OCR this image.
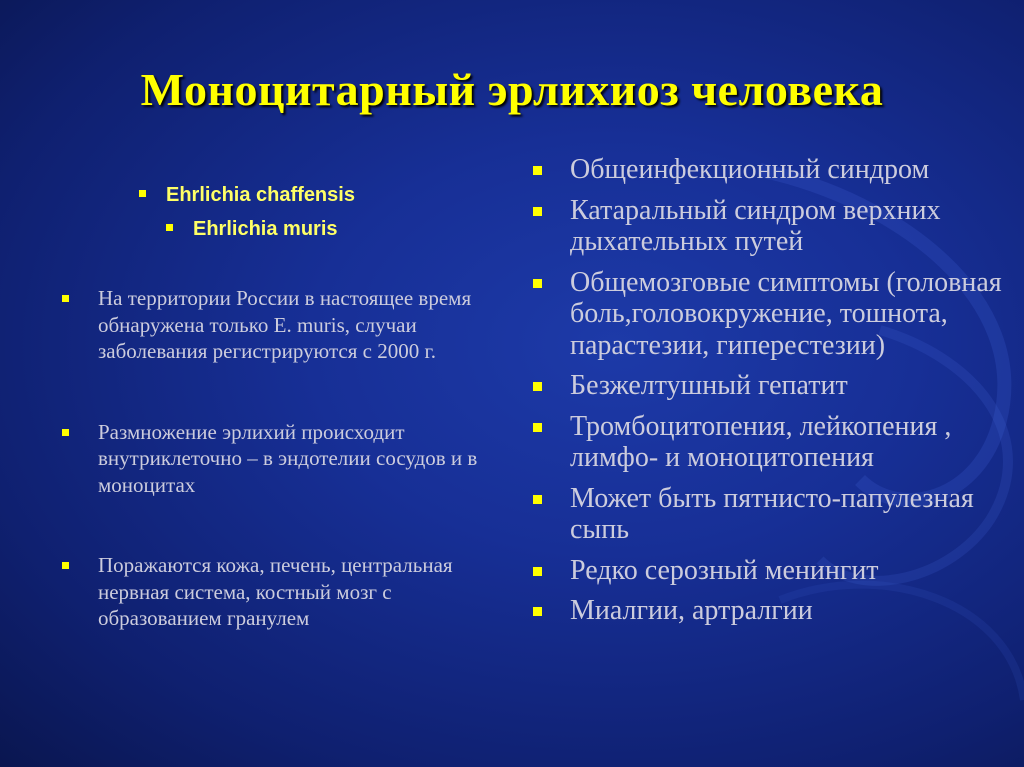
Моноцитарный эрлихиоз человека
Ehrlichia chaffensis
Ehrlichia muris
На территории России в настоящее время обнаружена только E. muris, случаи заболевания регистрируются с 2000 г.
Размножение эрлихий происходит внутриклеточно – в эндотелии сосудов и в моноцитах
Поражаются кожа, печень, центральная нервная система, костный мозг с образованием гранулем
Общеинфекционный синдром
Катаральный синдром верхних дыхательных путей
Общемозговые симптомы (головная боль,головокружение, тошнота, парастезии, гиперестезии)
Безжелтушный гепатит
Тромбоцитопения, лейкопения , лимфо- и моноцитопения
Может быть пятнисто-папулезная сыпь
Редко серозный менингит
Миалгии, артралгии
